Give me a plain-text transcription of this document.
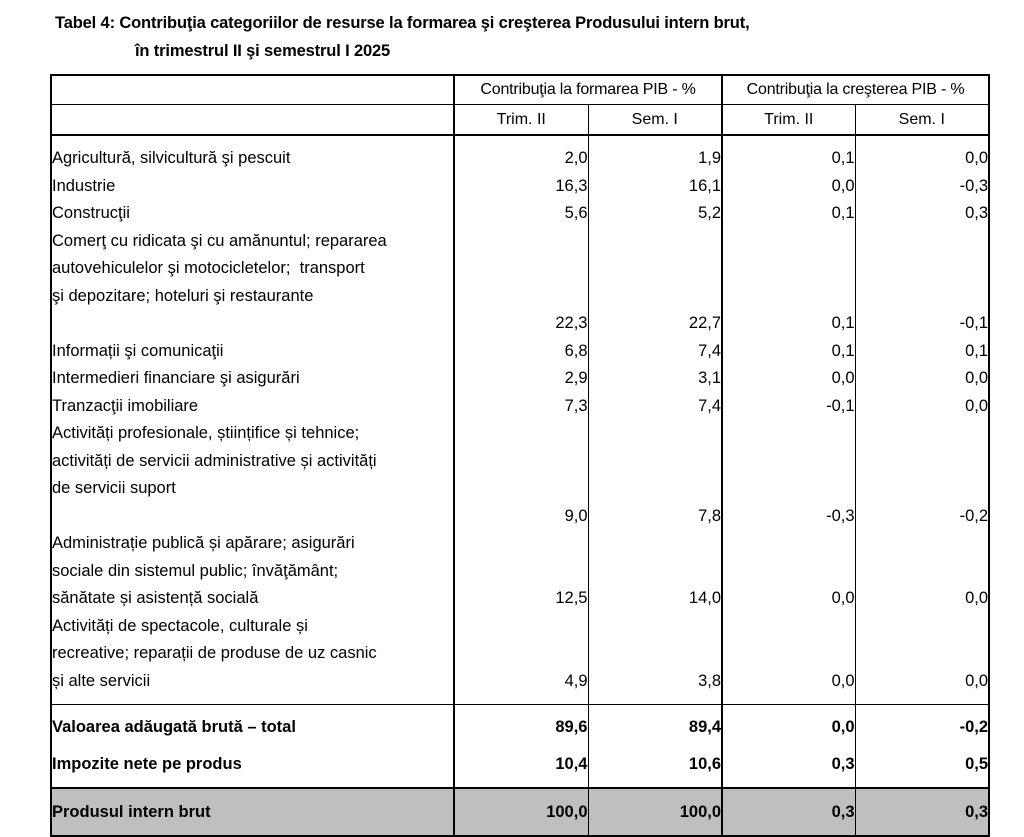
Tabel 4: Contribuţia categoriilor de resurse la formarea şi creşterea Produsului intern brut,
în trimestrul II şi semestrul I 2025
	Contribuţia la formarea PIB - %		Contribuţia la creşterea PIB - %	
	Trim. II	Sem. I	Trim. II	Sem. I

Agricultură, silvicultură şi pescuit	2,0	1,9	0,1	0,0

Industrie	16,3	16,1	0,0	-0,3

Construcţii	5,6	5,2	0,1	0,3

Comerţ cu ridicata şi cu amănuntul; repararea
autovehiculelor şi motocicletelor;  transport
şi depozitare; hoteluri şi restaurante	22,3	22,7	0,1	-0,1

Informații şi comunicaţii	6,8	7,4	0,1	0,1

Intermedieri financiare şi asigurări	2,9	3,1	0,0	0,0

Tranzacţii imobiliare	7,3	7,4	-0,1	0,0

Activități profesionale, științifice și tehnice;
activități de servicii administrative și activități
de servicii suport	9,0	7,8	-0,3	-0,2

Administrație publică și apărare; asigurări
sociale din sistemul public; învăţământ;
sănătate și asistență socială	12,5	14,0	0,0	0,0

Activități de spectacole, culturale și
recreative; reparații de produse de uz casnic
și alte servicii	4,9	3,8	0,0	0,0

Valoarea adăugată brută – total	89,6	89,4	0,0	-0,2

Impozite nete pe produs	10,4	10,6	0,3	0,5

Produsul intern brut	100,0	100,0	0,3	0,3
